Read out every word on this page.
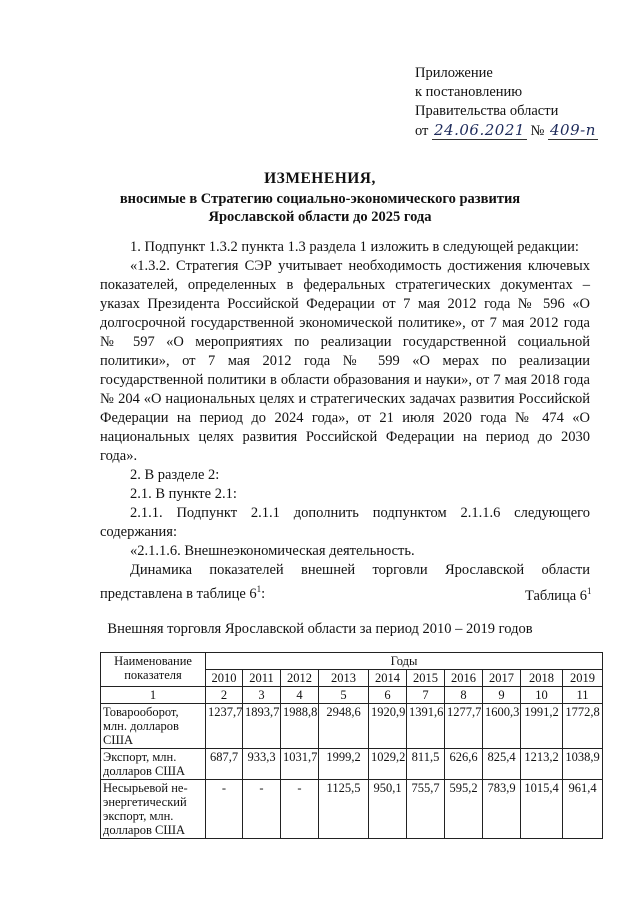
Приложение
к постановлению
Правительства области
от 24.06.2021 № 409-п
ИЗМЕНЕНИЯ,
вносимые в Стратегию социально-экономического развития
Ярославской области до 2025 года

1. Подпункт 1.3.2 пункта 1.3 раздела 1 изложить в следующей редакции:

«1.3.2. Стратегия СЭР учитывает необходимость достижения ключевых показателей, определенных в федеральных стратегических документах – указах Президента Российской Федерации от 7 мая 2012 года № 596 «О долгосрочной государственной экономической политике», от 7 мая 2012 года № 597 «О мероприятиях по реализации государственной социальной политики», от 7 мая 2012 года № 599 «О мерах по реализации государственной политики в области образования и науки», от 7 мая 2018 года № 204 «О национальных целях и стратегических задачах развития Российской Федерации на период до 2024 года», от 21 июля 2020 года № 474 «О национальных целях развития Российской Федерации на период до 2030 года».

2. В разделе 2:

2.1. В пункте 2.1:

2.1.1. Подпункт 2.1.1 дополнить подпунктом 2.1.1.6 следующего содержания:

«2.1.1.6. Внешнеэкономическая деятельность.

Динамика показателей внешней торговли Ярославской области представлена в таблице $6^1$:	Таблица $6^1$
Внешняя торговля Ярославской области за период 2010 – 2019 годов
Наименование показателя	Годы									
	2010	2011	2012	2013	2014	2015	2016	2017	2018	2019
1	2	3	4	5	6	7	8	9	10	11
Товарооборот, млн. долларов США	1237,7	1893,7	1988,8	2948,6	1920,9	1391,6	1277,7	1600,3	1991,2	1772,8
Экспорт, млн. долларов США	687,7	933,3	1031,7	1999,2	1029,2	811,5	626,6	825,4	1213,2	1038,9
Несырьевой не-энергетический экспорт, млн. долларов США	-	-	-	1125,5	950,1	755,7	595,2	783,9	1015,4	961,4
